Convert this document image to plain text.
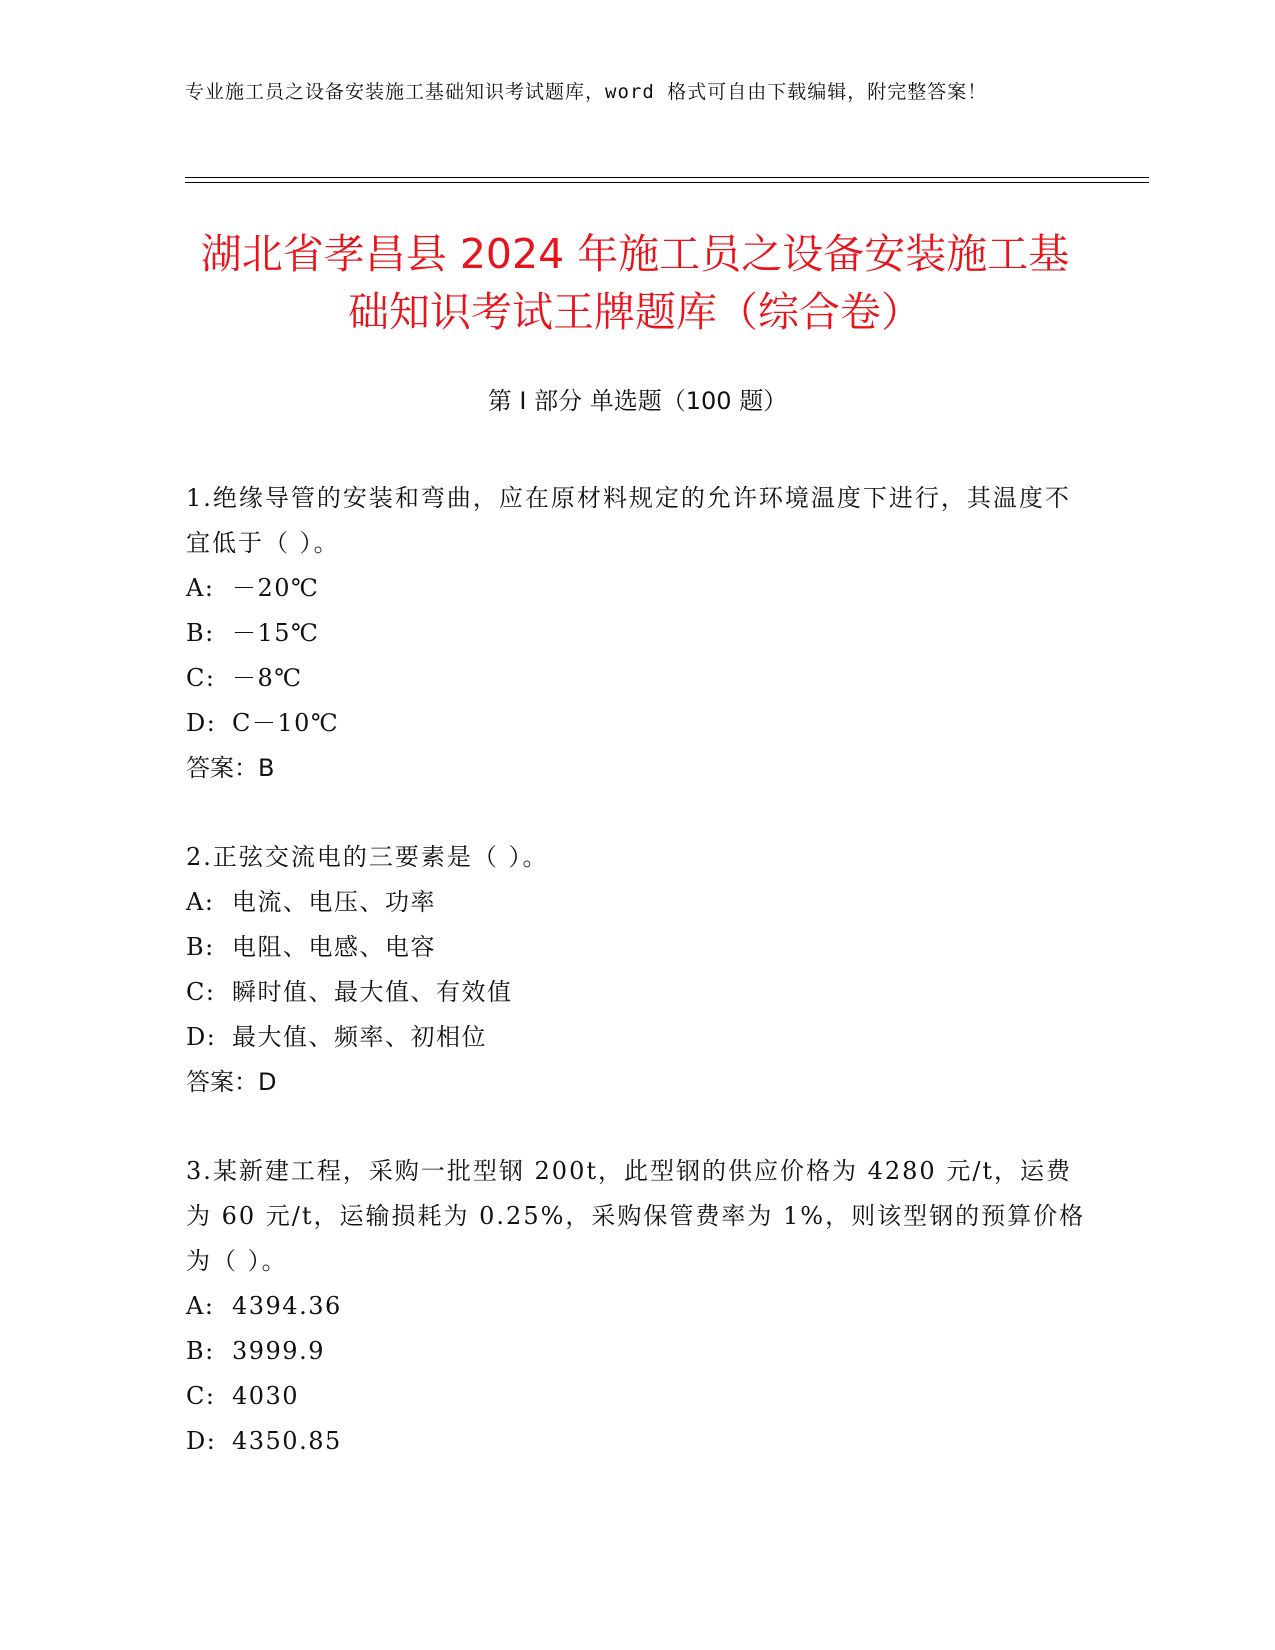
专业施工员之设备安装施工基础知识考试题库，word 格式可自由下载编辑，附完整答案！
湖北省孝昌县 2024 年施工员之设备安装施工基础知识考试王牌题库（综合卷）
第 I 部分 单选题（100 题）

1.绝缘导管的安装和弯曲，应在原材料规定的允许环境温度下进行，其温度不宜低于（ ）。

A: －20℃
B: －15℃
C: －8℃
D: C－10℃
答案：B

2.正弦交流电的三要素是（ ）。

A: 电流、电压、功率
B: 电阻、电感、电容
C: 瞬时值、最大值、有效值
D: 最大值、频率、初相位
答案：D

3.某新建工程，采购一批型钢 200t，此型钢的供应价格为 4280 元/t，运费为 60 元/t，运输损耗为 0.25%，采购保管费率为 1%，则该型钢的预算价格为（ ）。

A: 4394.36
B: 3999.9
C: 4030
D: 4350.85
